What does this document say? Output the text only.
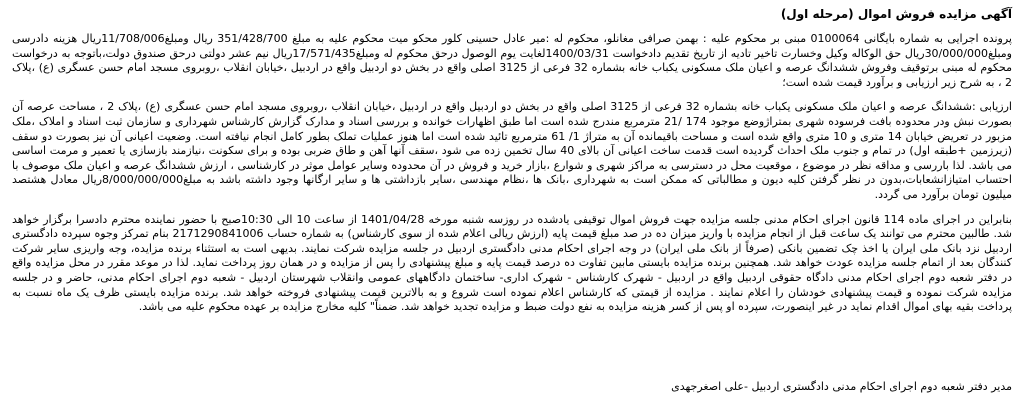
آگهی مزایده فروش اموال (مرحله اول)

پرونده اجرایی به شماره بایگانی 0100064 مبنی بر محکوم علیه : بهمن صرافی مغانلو، محکوم له :میر عادل حسینی کلور محکو میت محکوم علیه به مبلغ 351/428/700 ریال ومبلغ11/708/006ریال هزینه دادرسی ومبلغ30/000/000ریال حق الوکاله وکیل وخسارت تاخیر تادیه از تاریخ تقدیم دادخواست 1400/03/31لغایت یوم الوصول درحق محکوم له ومبلغ17/571/435ریال نیم عشر دولتی درحق صندوق دولت،باتوجه به درخواست محکوم له مبنی برتوقیف وفروش ششدانگ عرصه و اعیان ملک مسکونی یکباب خانه بشماره 32 فرعی از 3125 اصلی واقع در بخش دو اردبیل واقع در اردبیل ،خیابان انقلاب ،روبروی مسجد امام حسن عسگری (ع) ،پلاک 2 ، به شرح زیر ارزیابی و برآورد قیمت شده است؛

ارزیابی :ششدانگ عرصه و اعیان ملک مسکونی یکباب خانه بشماره 32 فرعی از 3125 اصلی واقع در بخش دو اردبیل واقع در اردبیل ،خیابان انقلاب ،روبروی مسجد امام حسن عسگری (ع) ،پلاک 2 ، مساحت عرصه آن بصورت نبش ودر محدوده بافت فرسوده شهری بمتراژوضع موجود 174 /21 مترمربع مندرج شده است اما طبق اظهارات خوانده و بررسی اسناد و مدارک گزارش کارشناس شهرداری و سازمان ثبت اسناد و املاک ،ملک مزبور در تعریض خیابان 14 متری و 10 متری واقع شده است و مساحت باقیمانده آن به متراژ 1/ 61 مترمربع تائید شده است اما هنوز عملیات تملک بطور کامل انجام نیافته است. وضعیت اعیانی آن نیز بصورت دو سقف (زیرزمین +طبقه اول) در تمام و جنوب ملک احداث گردیده است قدمت ساخت اعیانی آن بالای 40 سال تخمین زده می شود ،سقف آنها آهن و طاق ضربی بوده و برای سکونت ،نیازمند بازسازی یا تعمیر و مرمت اساسی می باشد. لذا باررسی و مداقه نظر در موضوع ، موقعیت محل در دسترسی به مراکز شهری و شوارع ،بازار خرید و فروش در آن محدوده وسایر عوامل موثر در کارشناسی ، ارزش ششدانگ عرصه و اعیان ملک موصوف با احتساب امتیازانشعابات،بدون در نظر گرفتن کلیه دیون و مطالباتی که ممکن است به شهرداری ،بانک ها ،نظام مهندسی ،سایر بازداشتی ها و سایر ارگانها وجود داشته باشد به مبلغ8/000/000/000ریال معادل هشتصد میلیون تومان برآورد می گردد.

بنابراین در اجرای ماده 114 قانون اجرای احکام مدنی جلسه مزایده جهت فروش اموال توقیفی یادشده در روزسه شنبه مورخه 1401/04/28 از ساعت 10 الی 10:30صبح با حضور نماینده محترم دادسرا برگزار خواهد شد. طالبین محترم می توانند یک ساعت قبل از انجام مزایده با واریز میزان ده در صد مبلغ قیمت پایه (ارزش ریالی اعلام شده از سوی کارشناس) به شماره حساب 2171290841006 بنام تمرکز وجوه سپرده دادگستری اردبیل نزد بانک ملی ایران یا اخذ چک تضمین بانکی (صرفاً از بانک ملی ایران) در وجه اجرای احکام مدنی دادگستری اردبیل در جلسه مزایده شرکت نمایند. بدیهی است به استثناء برنده مزایده، وجه واریزی سایر شرکت کنندگان بعد از اتمام جلسه مزایده عودت خواهد شد. همچنین برنده مزایده بایستی مابین تفاوت ده درصد قیمت پایه و مبلغ پیشنهادی را پس از مزایده و در همان روز پرداخت نماید. لذا در موعد مقرر در محل مزایده واقع در دفتر شعبه دوم اجرای احکام مدنی دادگاه حقوقی اردبیل واقع در اردبیل - شهرک کارشناس - شهرک اداری- ساختمان دادگاههای عمومی وانقلاب شهرستان اردبیل - شعبه دوم اجرای احکام مدنی، حاضر و در جلسه مزایده شرکت نموده و قیمت پیشنهادی خودشان را اعلام نمایند . مزایده از قیمتی که کارشناس اعلام نموده است شروع و به بالاترین قیمت پیشنهادی فروخته خواهد شد. برنده مزایده بایستی ظرف یک ماه نسبت به پرداخت بقیه بهای اموال اقدام نماید در غیر اینصورت، سپرده او پس از کسر هزینه مزایده به نفع دولت ضبط و مزایده تجدید خواهد شد. ضمناً" کلیه مخارج مزایده بر عهده محکوم علیه می باشد.

مدیر دفتر شعبه دوم اجرای احکام مدنی دادگستری اردبیل -علی اصغرجهدی
